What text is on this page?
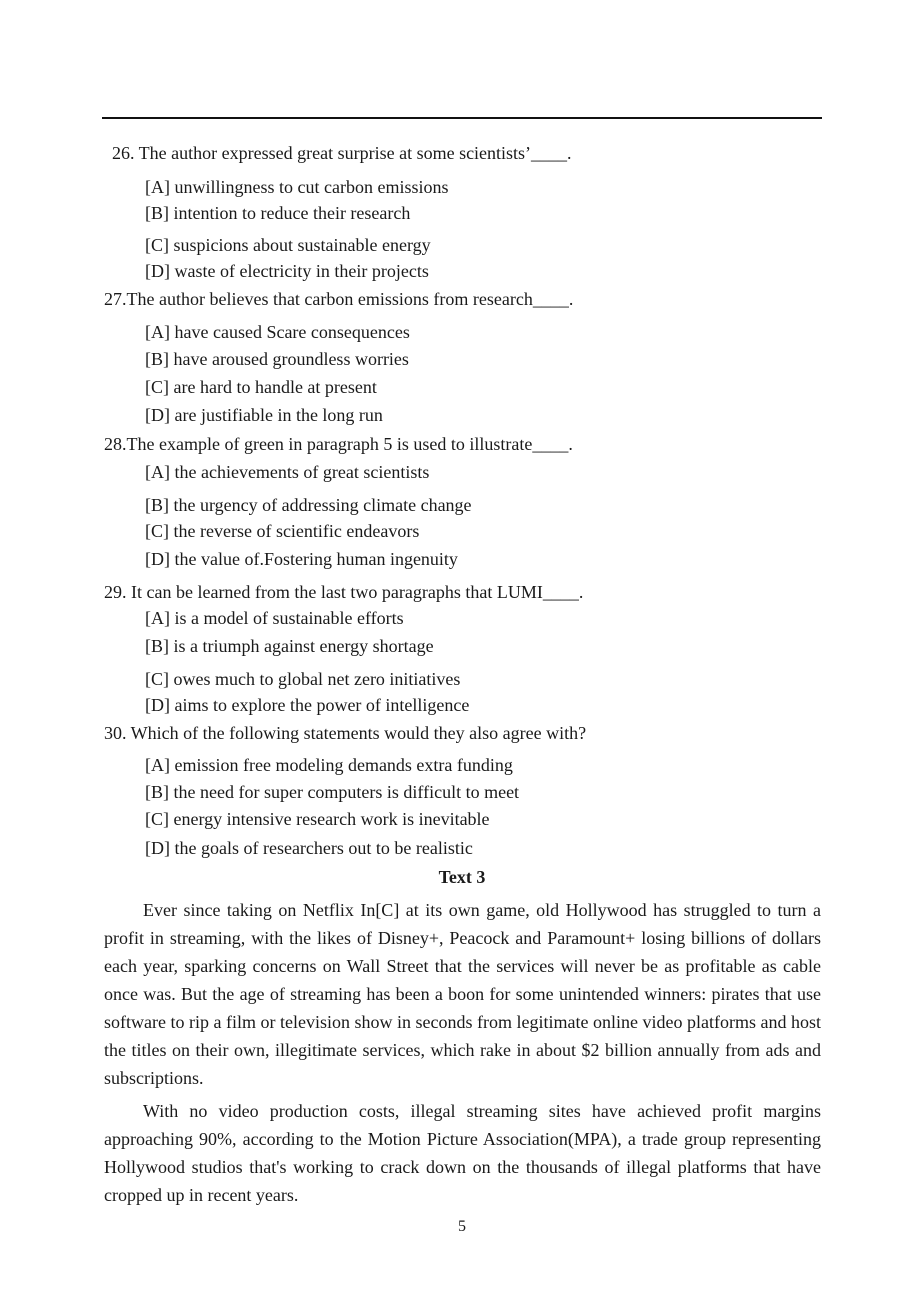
26. The author expressed great surprise at some scientists’____.
[A] unwillingness to cut carbon emissions
[B] intention to reduce their research
[C] suspicions about sustainable energy
[D] waste of electricity in their projects
27.The author believes that carbon emissions from research____.
[A] have caused Scare consequences
[B] have aroused groundless worries
[C] are hard to handle at present
[D] are justifiable in the long run
28.The example of green in paragraph 5 is used to illustrate____.
[A] the achievements of great scientists
[B] the urgency of addressing climate change
[C] the reverse of scientific endeavors
[D] the value of.Fostering human ingenuity
29. It can be learned from the last two paragraphs that LUMI____.
[A] is a model of sustainable efforts
[B] is a triumph against energy shortage
[C] owes much to global net zero initiatives
[D] aims to explore the power of intelligence
30. Which of the following statements would they also agree with?
[A] emission free modeling demands extra funding
[B] the need for super computers is difficult to meet
[C] energy intensive research work is inevitable
[D] the goals of researchers out to be realistic
Text 3

Ever since taking on Netflix In[C] at its own game, old Hollywood has struggled to turn a profit in streaming, with the likes of Disney+, Peacock and Paramount+ losing billions of dollars each year, sparking concerns on Wall Street that the services will never be as profitable as cable once was. But the age of streaming has been a boon for some unintended winners: pirates that use software to rip a film or television show in seconds from legitimate online video platforms and host the titles on their own, illegitimate services, which rake in about $2 billion annually from ads and subscriptions.

With no video production costs, illegal streaming sites have achieved profit margins approaching 90%, according to the Motion Picture Association(MPA), a trade group representing Hollywood studios that's working to crack down on the thousands of illegal platforms that have cropped up in recent years.

5
